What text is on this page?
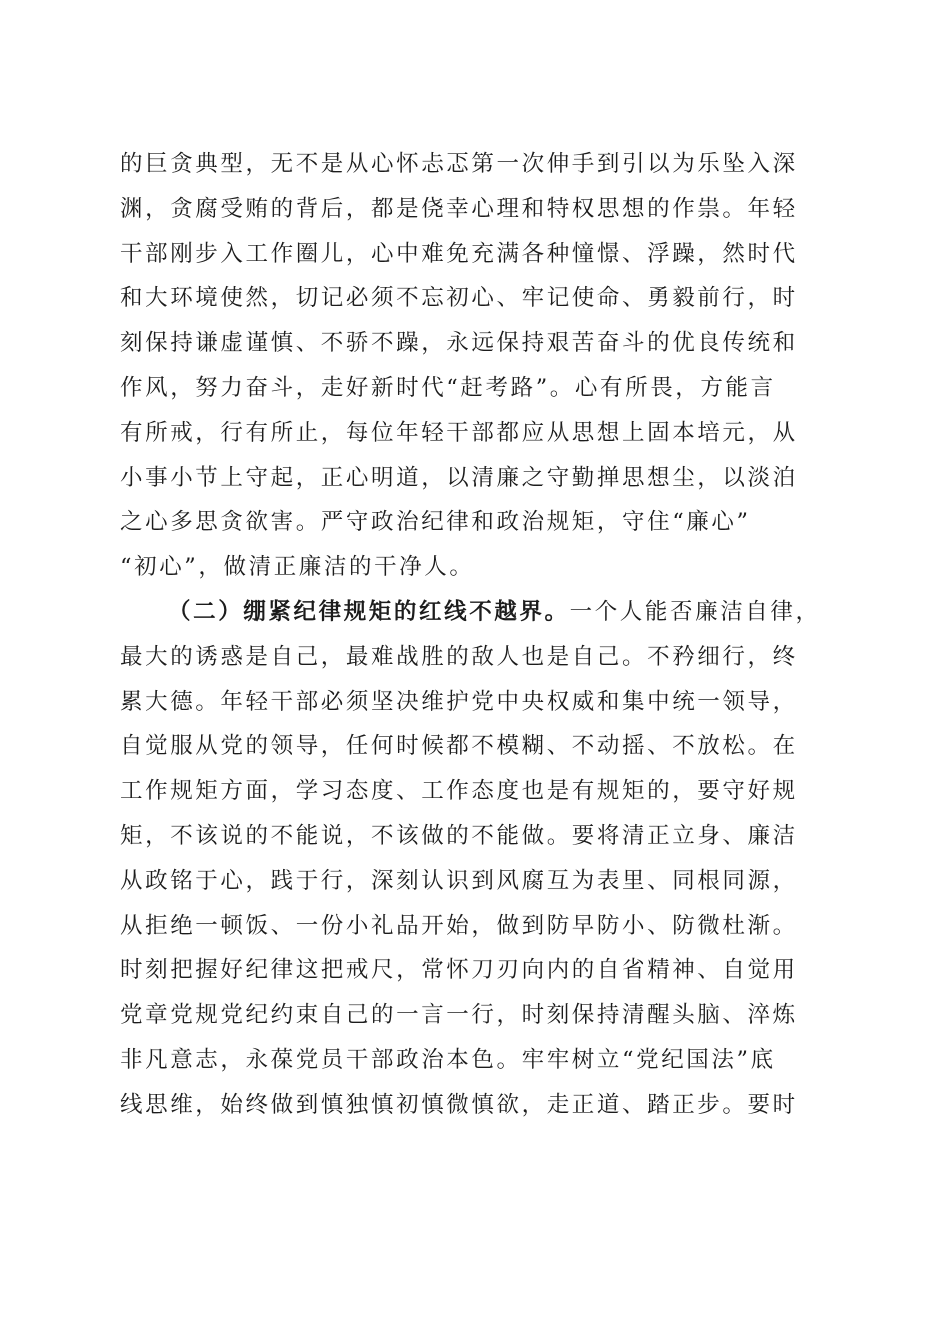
的巨贪典型，无不是从心怀忐忑第一次伸手到引以为乐坠入深
渊，贪腐受贿的背后，都是侥幸心理和特权思想的作祟。年轻
干部刚步入工作圈儿，心中难免充满各种憧憬、浮躁，然时代
和大环境使然，切记必须不忘初心、牢记使命、勇毅前行，时
刻保持谦虚谨慎、不骄不躁，永远保持艰苦奋斗的优良传统和
作风，努力奋斗，走好新时代“赶考路”。心有所畏，方能言
有所戒，行有所止，每位年轻干部都应从思想上固本培元，从
小事小节上守起，正心明道，以清廉之守勤掸思想尘，以淡泊
之心多思贪欲害。严守政治纪律和政治规矩，守住“廉心”
“初心”，做清正廉洁的干净人。
（二）绷紧纪律规矩的红线不越界。一个人能否廉洁自律，
最大的诱惑是自己，最难战胜的敌人也是自己。不矜细行，终
累大德。年轻干部必须坚决维护党中央权威和集中统一领导，
自觉服从党的领导，任何时候都不模糊、不动摇、不放松。在
工作规矩方面，学习态度、工作态度也是有规矩的，要守好规
矩，不该说的不能说，不该做的不能做。要将清正立身、廉洁
从政铭于心，践于行，深刻认识到风腐互为表里、同根同源，
从拒绝一顿饭、一份小礼品开始，做到防早防小、防微杜渐。
时刻把握好纪律这把戒尺，常怀刀刃向内的自省精神、自觉用
党章党规党纪约束自己的一言一行，时刻保持清醒头脑、淬炼
非凡意志，永葆党员干部政治本色。牢牢树立“党纪国法”底
线思维，始终做到慎独慎初慎微慎欲，走正道、踏正步。要时
